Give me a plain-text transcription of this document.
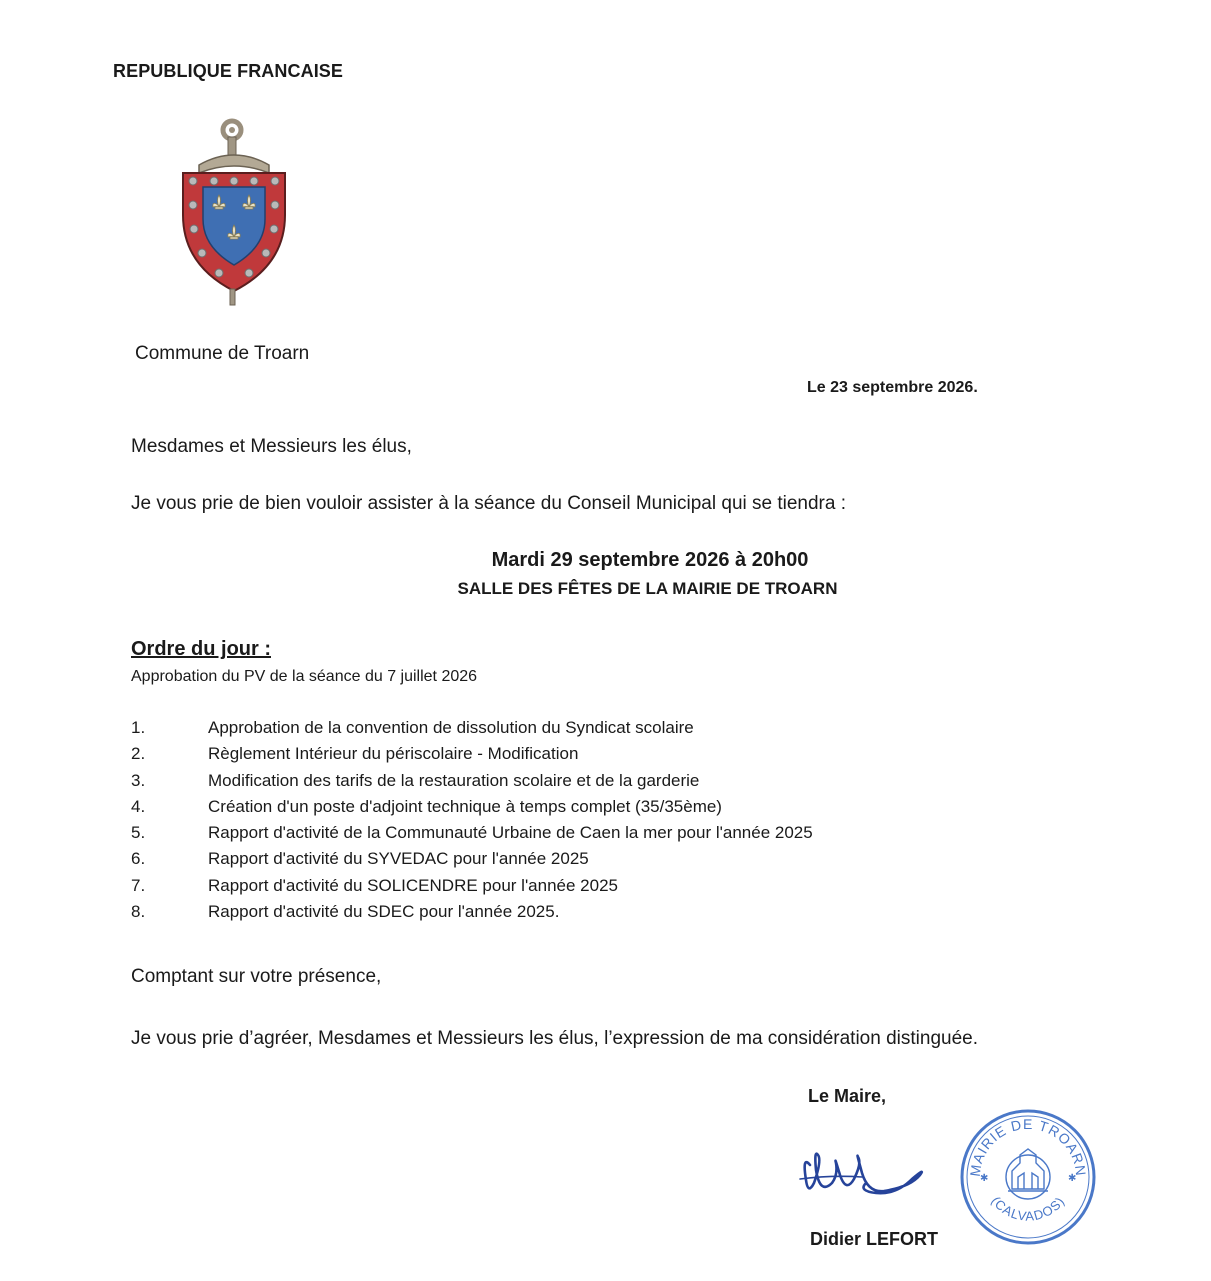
REPUBLIQUE FRANCAISE
Commune de Troarn
Le 23 septembre 2026.
Mesdames et Messieurs les élus,
Je vous prie de bien vouloir assister à la séance du Conseil Municipal qui se tiendra :
Mardi 29 septembre 2026 à 20h00
SALLE DES FÊTES DE LA MAIRIE DE TROARN
Ordre du jour :
Approbation du PV de la séance du 7 juillet 2026
1.	Approbation de la convention de dissolution du Syndicat scolaire
2.	Règlement Intérieur du périscolaire - Modification
3.	Modification des tarifs de la restauration scolaire et de la garderie
4.	Création d'un poste d'adjoint technique à temps complet (35/35ème)
5.	Rapport d'activité de la Communauté Urbaine de Caen la mer pour l'année 2025
6.	Rapport d'activité du SYVEDAC pour l'année 2025
7.	Rapport d'activité du SOLICENDRE pour l'année 2025
8.	Rapport d'activité du SDEC pour l'année 2025.
Comptant sur votre présence,
Je vous prie d’agréer, Mesdames et Messieurs les élus, l’expression de ma considération distinguée.
Le Maire,
Didier LEFORT
MAIRIE DE TROARN
(CALVADOS)
✱	✱
